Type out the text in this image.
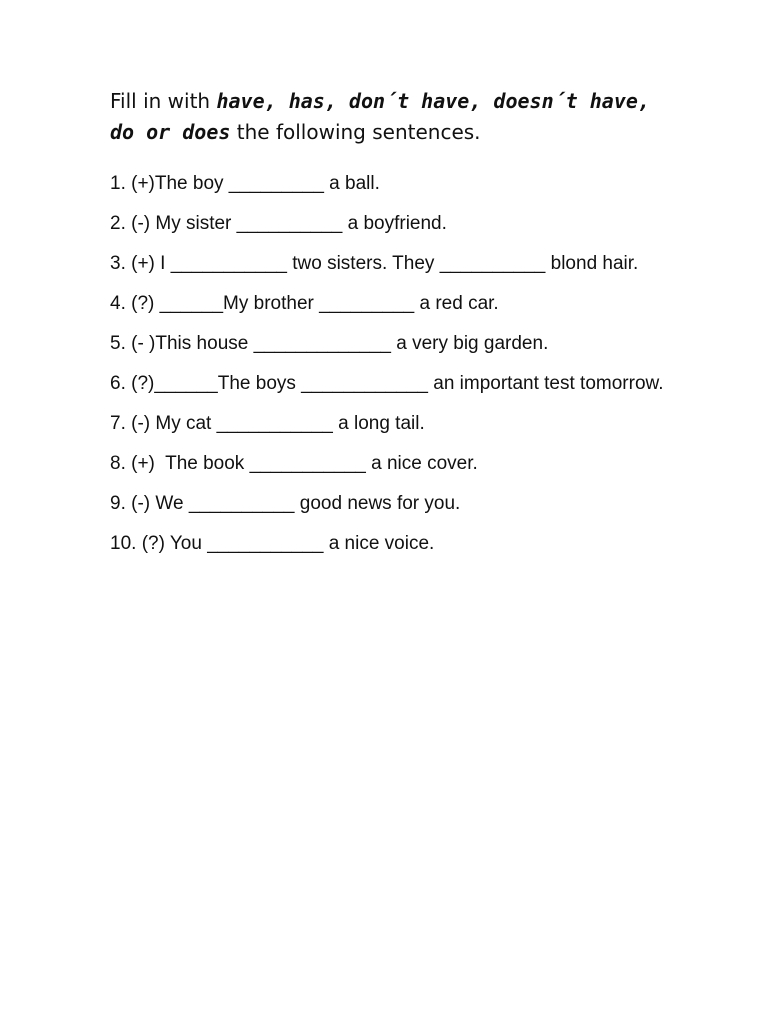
Fill in with have, has, don´t have, doesn´t have, do or does the following sentences.
1. (+)The boy _________ a ball.
2. (-) My sister __________ a boyfriend.
3. (+) I ___________ two sisters. They __________ blond hair.
4. (?) ______My brother _________ a red car.
5. (- )This house _____________ a very big garden.
6. (?)______The boys ____________ an important test tomorrow.
7. (-) My cat ___________ a long tail.
8. (+)  The book ___________ a nice cover.
9. (-) We __________ good news for you.
10. (?) You ___________ a nice voice.
